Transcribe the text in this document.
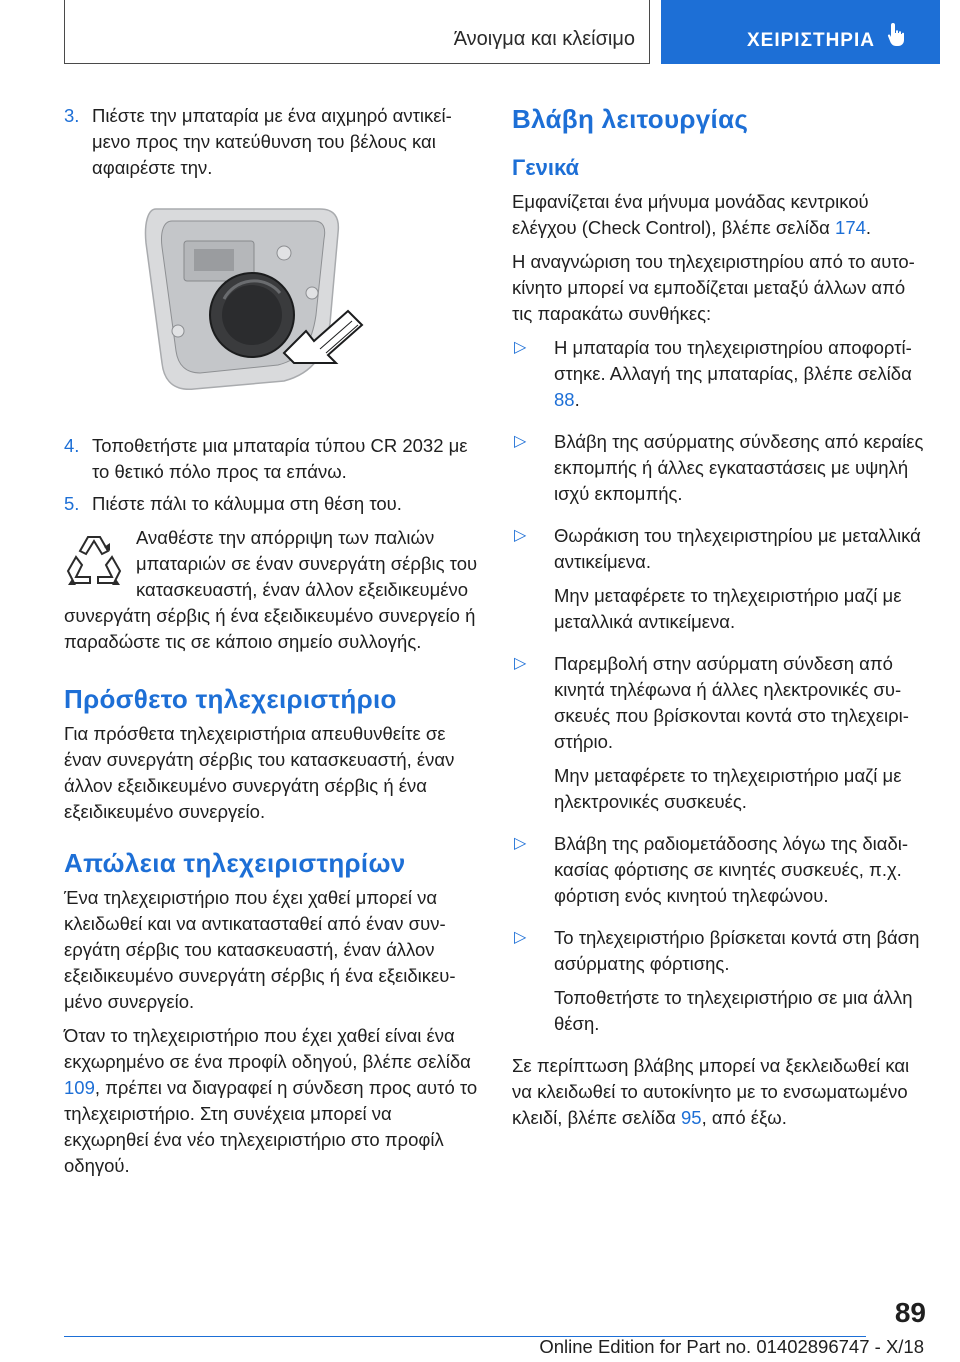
Άνοιγμα και κλείσιμο	ΧΕΙΡΙΣΤΗΡΙΑ
3. Πιέστε την μπαταρία με ένα αιχμηρό αντικείμενο προς την κατεύθυνση του βέλους και αφαιρέστε την.
4. Τοποθετήστε μια μπαταρία τύπου CR 2032 με το θετικό πόλο προς τα επάνω.
5. Πιέστε πάλι το κάλυμμα στη θέση του.

Αναθέστε την απόρριψη των παλιών μπαταριών σε έναν συνεργάτη σέρβις του κατασκευαστή, έναν άλλον εξειδικευμένο συνεργάτη σέρβις ή ένα εξειδικευμένο συνεργείο ή παραδώστε τις σε κάποιο σημείο συλλογής.

Πρόσθετο τηλεχειριστήριο

Για πρόσθετα τηλεχειριστήρια απευθυνθείτε σε έναν συνεργάτη σέρβις του κατασκευαστή, έναν άλλον εξειδικευμένο συνεργάτη σέρβις ή ένα εξειδικευμένο συνεργείο.

Απώλεια τηλεχειριστηρίων

Ένα τηλεχειριστήριο που έχει χαθεί μπορεί να κλειδωθεί και να αντικατασταθεί από έναν συνεργάτη σέρβις του κατασκευαστή, έναν άλλον εξειδικευμένο συνεργάτη σέρβις ή ένα εξειδικευμένο συνεργείο.

Όταν το τηλεχειριστήριο που έχει χαθεί είναι ένα εκχωρημένο σε ένα προφίλ οδηγού, βλέπε σελίδα 109, πρέπει να διαγραφεί η σύνδεση προς αυτό το τηλεχειριστήριο. Στη συνέχεια μπορεί να εκχωρηθεί ένα νέο τηλεχειριστήριο στο προφίλ οδηγού.

Βλάβη λειτουργίας
Γενικά

Εμφανίζεται ένα μήνυμα μονάδας κεντρικού ελέγχου (Check Control), βλέπε σελίδα 174.

Η αναγνώριση του τηλεχειριστηρίου από το αυτοκίνητο μπορεί να εμποδίζεται μεταξύ άλλων από τις παρακάτω συνθήκες:

▷	Η μπαταρία του τηλεχειριστηρίου αποφορτίστηκε. Αλλαγή της μπαταρίας, βλέπε σελίδα 88.

▷	Βλάβη της ασύρματης σύνδεσης από κεραίες εκπομπής ή άλλες εγκαταστάσεις με υψηλή ισχύ εκπομπής.

▷	Θωράκιση του τηλεχειριστηρίου με μεταλλικά αντικείμενα.

Μην μεταφέρετε το τηλεχειριστήριο μαζί με μεταλλικά αντικείμενα.

▷	Παρεμβολή στην ασύρματη σύνδεση από κινητά τηλέφωνα ή άλλες ηλεκτρονικές συσκευές που βρίσκονται κοντά στο τηλεχειριστήριο.

Μην μεταφέρετε το τηλεχειριστήριο μαζί με ηλεκτρονικές συσκευές.

▷	Βλάβη της ραδιομετάδοσης λόγω της διαδικασίας φόρτισης σε κινητές συσκευές, π.χ. φόρτιση ενός κινητού τηλεφώνου.

▷	Το τηλεχειριστήριο βρίσκεται κοντά στη βάση ασύρματης φόρτισης.

Τοποθετήστε το τηλεχειριστήριο σε μια άλλη θέση.

Σε περίπτωση βλάβης μπορεί να ξεκλειδωθεί και να κλειδωθεί το αυτοκίνητο με το ενσωματωμένο κλειδί, βλέπε σελίδα 95, από έξω.

89
Online Edition for Part no. 01402896747 - X/18
